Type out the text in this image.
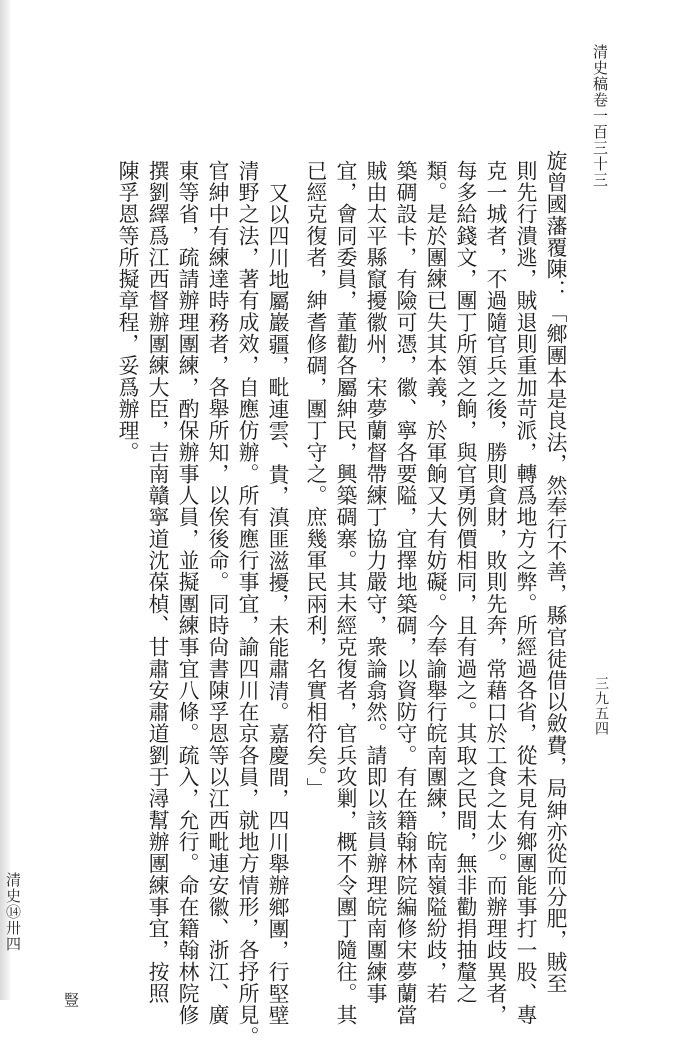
清史稿卷一百三十三
三九五四
旋曾國藩覆陳：「鄉團本是良法，然奉行不善，縣官徒借以斂費，局紳亦從而分肥，賊至
則先行潰逃，賊退則重加苛派，轉爲地方之弊。所經過各省，從未見有鄉團能事打一股、專
克一城者，不過隨官兵之後，勝則貪財，敗則先奔，常藉口於工食之太少。而辦理歧異者，
每多給錢文，團丁所領之餉，與官勇例價相同，且有過之。其取之民間，無非勸捐抽釐之
類。是於團練已失其本義，於軍餉又大有妨礙。今奉諭舉行皖南團練，皖南嶺隘紛歧，若
築碉設卡，有險可憑，徽、寧各要隘，宜擇地築碉，以資防守。有在籍翰林院編修宋夢蘭當
賊由太平縣竄擾徽州，宋夢蘭督帶練丁協力嚴守，衆論翕然。請即以該員辦理皖南團練事
宜，會同委員，董勸各屬紳民，興築碉寨。其未經克復者，官兵攻剿，概不令團丁隨往。其
已經克復者，紳耆修碉，團丁守之。庶幾軍民兩利，名實相符矣。」
又以四川地屬巖疆，毗連雲、貴，滇匪滋擾，未能肅清。嘉慶間，四川舉辦鄉團，行堅壁
清野之法，著有成效，自應仿辦。所有應行事宜，諭四川在京各員，就地方情形，各抒所見。
官紳中有練達時務者，各舉所知，以俟後命。同時尙書陳孚恩等以江西毗連安徽、浙江、廣
東等省，疏請辦理團練，酌保辦事人員，並擬團練事宜八條。疏入，允行。命在籍翰林院修
撰劉繹爲江西督辦團練大臣，吉南贛寧道沈葆楨、甘肅安肅道劉于潯幫辦團練事宜，按照
陳孚恩等所擬章程，妥爲辦理。
清史⑭卅四
豎
